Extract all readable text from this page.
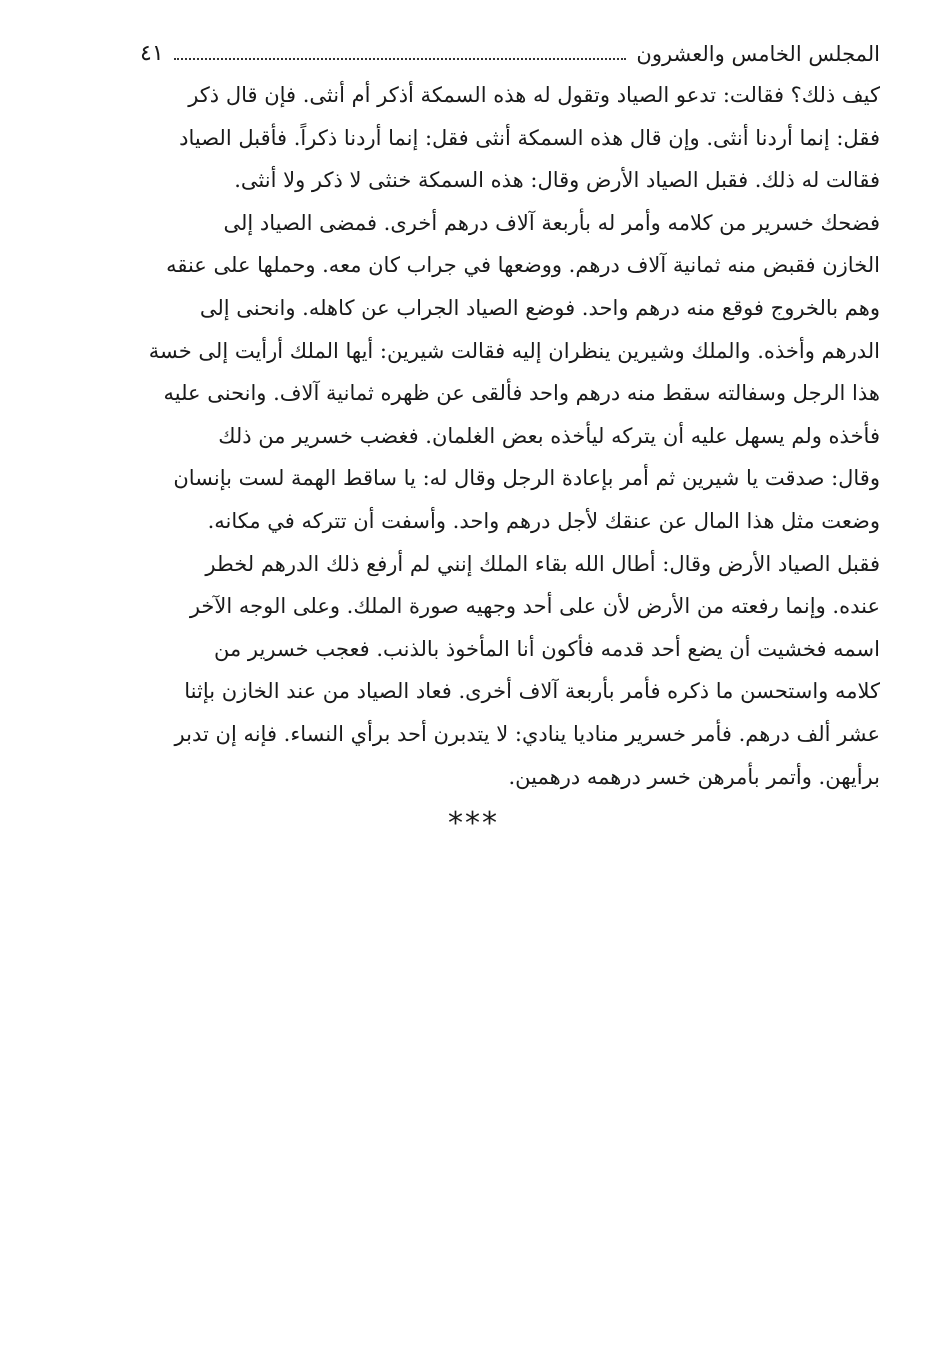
المجلس الخامس والعشرون
٤١
كيف ذلك؟ فقالت: تدعو الصياد وتقول له هذه السمكة أذكر أم أنثى. فإن قال ذكر
فقل: إنما أردنا أنثى. وإن قال هذه السمكة أنثى فقل: إنما أردنا ذكراً. فأقبل الصياد
فقالت له ذلك. فقبل الصياد الأرض وقال: هذه السمكة خنثى لا ذكر ولا أنثى.
فضحك خسرير من كلامه وأمر له بأربعة آلاف درهم أخرى. فمضى الصياد إلى
الخازن فقبض منه ثمانية آلاف درهم. ووضعها في جراب كان معه. وحملها على عنقه
وهم بالخروج فوقع منه درهم واحد. فوضع الصياد الجراب عن كاهله. وانحنى إلى
الدرهم وأخذه. والملك وشيرين ينظران إليه فقالت شيرين: أيها الملك أرأيت إلى خسة
هذا الرجل وسفالته سقط منه درهم واحد فألقى عن ظهره ثمانية آلاف. وانحنى عليه
فأخذه ولم يسهل عليه أن يتركه ليأخذه بعض الغلمان. فغضب خسرير من ذلك
وقال: صدقت يا شيرين ثم أمر بإعادة الرجل وقال له: يا ساقط الهمة لست بإنسان
وضعت مثل هذا المال عن عنقك لأجل درهم واحد. وأسفت أن تتركه في مكانه.
فقبل الصياد الأرض وقال: أطال الله بقاء الملك إنني لم أرفع ذلك الدرهم لخطر
عنده. وإنما رفعته من الأرض لأن على أحد وجهيه صورة الملك. وعلى الوجه الآخر
اسمه فخشيت أن يضع أحد قدمه فأكون أنا المأخوذ بالذنب. فعجب خسرير من
كلامه واستحسن ما ذكره فأمر بأربعة آلاف أخرى. فعاد الصياد من عند الخازن بإثنا
عشر ألف درهم. فأمر خسرير مناديا ينادي: لا يتدبرن أحد برأي النساء. فإنه إن تدبر
برأيهن. وأتمر بأمرهن خسر درهمه درهمين.
***
